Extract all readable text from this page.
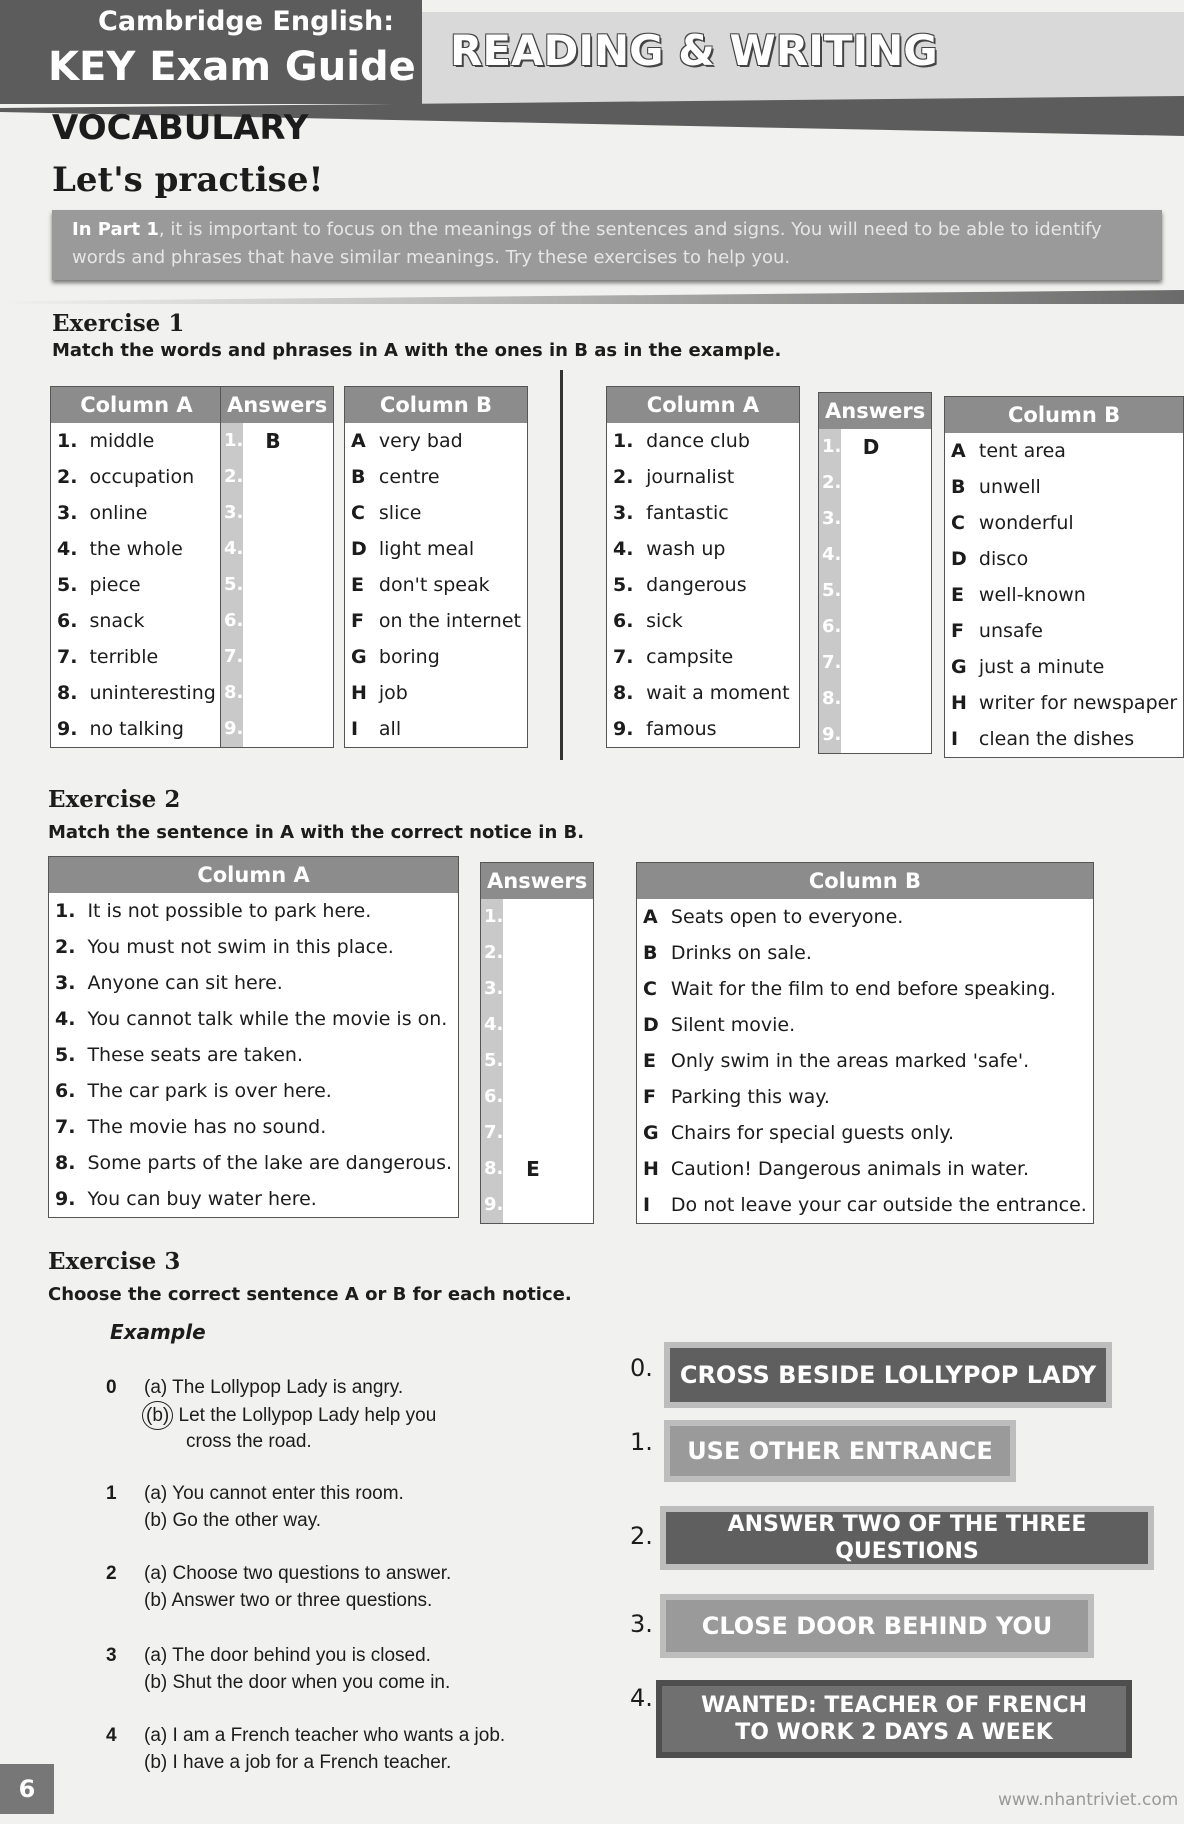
Cambridge English:
KEY Exam Guide READING & WRITING
VOCABULARY
Let's practise!
In Part 1, it is important to focus on the meanings of the sentences and signs. You will need to be able to identify
words and phrases that have similar meanings. Try these exercises to help you.
Exercise 1
Match the words and phrases in A with the ones in B as in the example.
Column A	
1.	middle
2.	occupation
3.	online
4.	the whole
5.	piece
6.	snack
7.	terrible
8.	uninteresting
9.	no talking
Answers
1. B
2.
3.
4.
5.
6.
7.
8.
9.
Column B	
A	very bad
B	centre
C	slice
D	light meal
E	don't speak
F	on the internet
G	boring
H	job
I	all
Column A	
1.	dance club
2.	journalist
3.	fantastic
4.	wash up
5.	dangerous
6.	sick
7.	campsite
8.	wait a moment
9.	famous
Answers
1. D
2.
3.
4.
5.
6.
7.
8.
9.
Column B	
A	tent area
B	unwell
C	wonderful
D	disco
E	well-known
F	unsafe
G	just a minute
H	writer for newspaper
I	clean the dishes
Exercise 2
Match the sentence in A with the correct notice in B.
Column A	
1.	It is not possible to park here.
2.	You must not swim in this place.
3.	Anyone can sit here.
4.	You cannot talk while the movie is on.
5.	These seats are taken.
6.	The car park is over here.
7.	The movie has no sound.
8.	Some parts of the lake are dangerous.
9.	You can buy water here.
Answers
1.
2.
3.
4.
5.
6.
7.
8. E
9.
Column B	
A	Seats open to everyone.
B	Drinks on sale.
C	Wait for the film to end before speaking.
D	Silent movie.
E	Only swim in the areas marked 'safe'.
F	Parking this way.
G	Chairs for special guests only.
H	Caution! Dangerous animals in water.
I	Do not leave your car outside the entrance.
Exercise 3
Choose the correct sentence A or B for each notice.
Example
0 (a) The Lollypop Lady is angry.
(b) Let the Lollypop Lady help you
cross the road.
1 (a) You cannot enter this room.
(b) Go the other way.
2 (a) Choose two questions to answer.
(b) Answer two or three questions.
3 (a) The door behind you is closed.
(b) Shut the door when you come in.
4 (a) I am a French teacher who wants a job.
(b) I have a job for a French teacher.
0.	CROSS BESIDE LOLLYPOP LADY
1.	USE OTHER ENTRANCE
2.	ANSWER TWO OF THE THREE QUESTIONS
3.	CLOSE DOOR BEHIND YOU
4. WANTED: TEACHER OF FRENCH
TO WORK 2 DAYS A WEEK
6	www.nhantriviet.com
